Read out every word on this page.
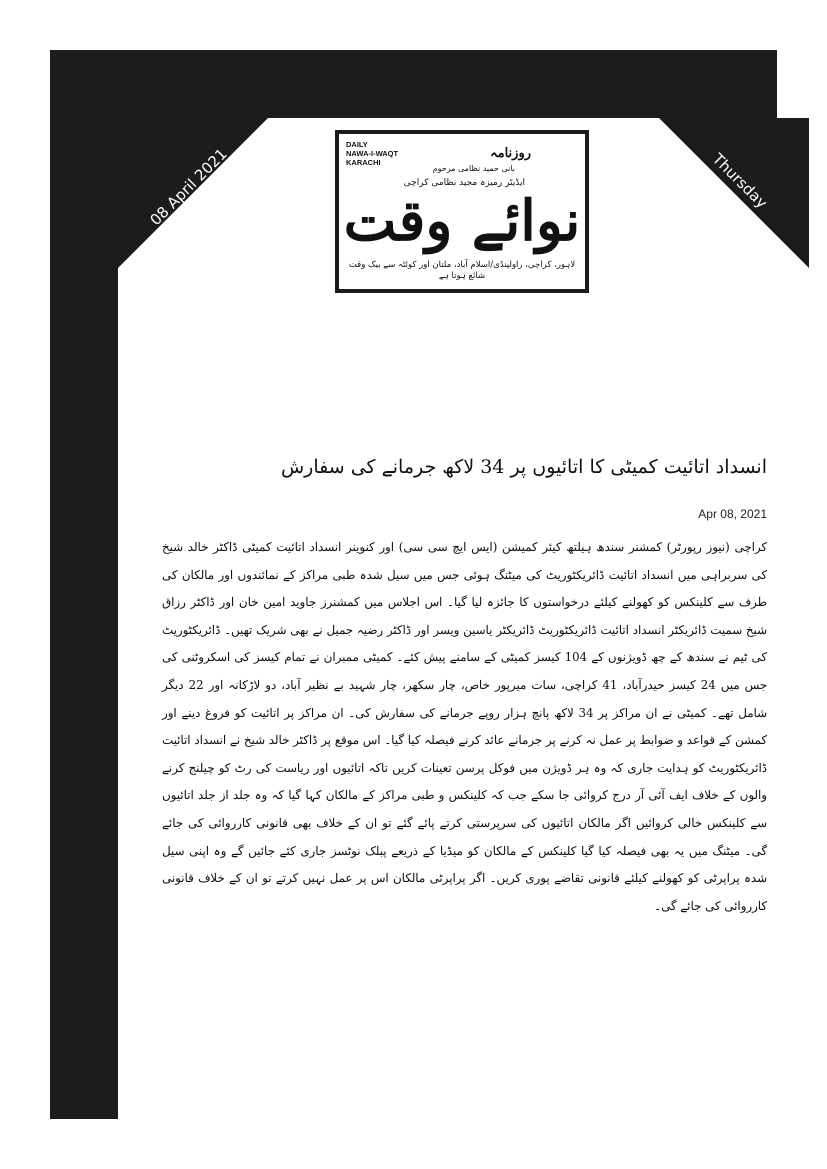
08 April 2021	Thursday
DAILY
NAWA-I-WAQT
KARACHI
روزنامہ
بانی حمید نظامی مرحوم
ایڈیٹر رمیزہ مجید نظامی کراچی
نوائے وقت
لاہور، کراچی، راولپنڈی/اسلام آباد، ملتان اور کوئٹہ سے بیک وقت شائع ہوتا ہے
انسداد اتائیت کمیٹی کا اتائیوں پر 34 لاکھ جرمانے کی سفارش
Apr 08, 2021

کراچی (نیوز رپورٹر) کمشنر سندھ ہیلتھ کیئر کمیشن (ایس ایچ سی سی) اور کنوینر انسداد اتائیت کمیٹی ڈاکٹر خالد شیخ کی سربراہی میں انسداد اتائیت ڈائریکٹوریٹ کی میٹنگ ہوئی جس میں سیل شدہ طبی مراکز کے نمائندوں اور مالکان کی طرف سے کلینکس کو کھولنے کیلئے درخواستوں کا جائزہ لیا گیا۔ اس اجلاس میں کمشنرز جاوید امین خان اور ڈاکٹر رزاق شیخ سمیت ڈائریکٹر انسداد اتائیت ڈائریکٹوریٹ ڈائریکٹر یاسین ویسر اور ڈاکٹر رضیہ جمیل نے بھی شریک تھیں۔ ڈائریکٹوریٹ کی ٹیم نے سندھ کے چھ ڈویژنوں کے 104 کیسز کمیٹی کے سامنے پیش کئے۔ کمیٹی ممبران نے تمام کیسز کی اسکروٹنی کی جس میں 24 کیسز حیدرآباد، 41 کراچی، سات میرپور خاص، چار سکھر، چار شہید بے نظیر آباد، دو لاڑکانہ اور 22 دیگر شامل تھے۔ کمیٹی نے ان مراکز پر 34 لاکھ پانچ ہزار روپے جرمانے کی سفارش کی۔ ان مراکز پر اتائیت کو فروغ دینے اور کمشن کے قواعد و ضوابط پر عمل نہ کرنے پر جرمانے عائد کرنے فیصلہ کیا گیا۔ اس موقع پر ڈاکٹر خالد شیخ نے انسداد اتائیت ڈائریکٹوریٹ کو ہدایت جاری کہ وہ ہر ڈویژن میں فوکل پرسن تعینات کریں تاکہ اتائیوں اور ریاست کی رٹ کو چیلنج کرنے والوں کے خلاف ایف آئی آر درج کروائی جا سکے جب کہ کلینکس و طبی مراکز کے مالکان کہا گیا کہ وہ جلد از جلد اتائیوں سے کلینکس خالی کروائیں اگر مالکان اتائیوں کی سرپرستی کرتے پائے گئے تو ان کے خلاف بھی قانونی کارروائی کی جائے گی۔ میٹنگ میں یہ بھی فیصلہ کیا گیا کلینکس کے مالکان کو میڈیا کے ذریعے پبلک نوٹسز جاری کئے جائیں گے وہ اپنی سیل شدہ پراپرٹی کو کھولنے کیلئے قانونی تقاضے پوری کریں۔ اگر پراپرٹی مالکان اس پر عمل نہیں کرتے تو ان کے خلاف قانونی کارروائی کی جائے گی۔
